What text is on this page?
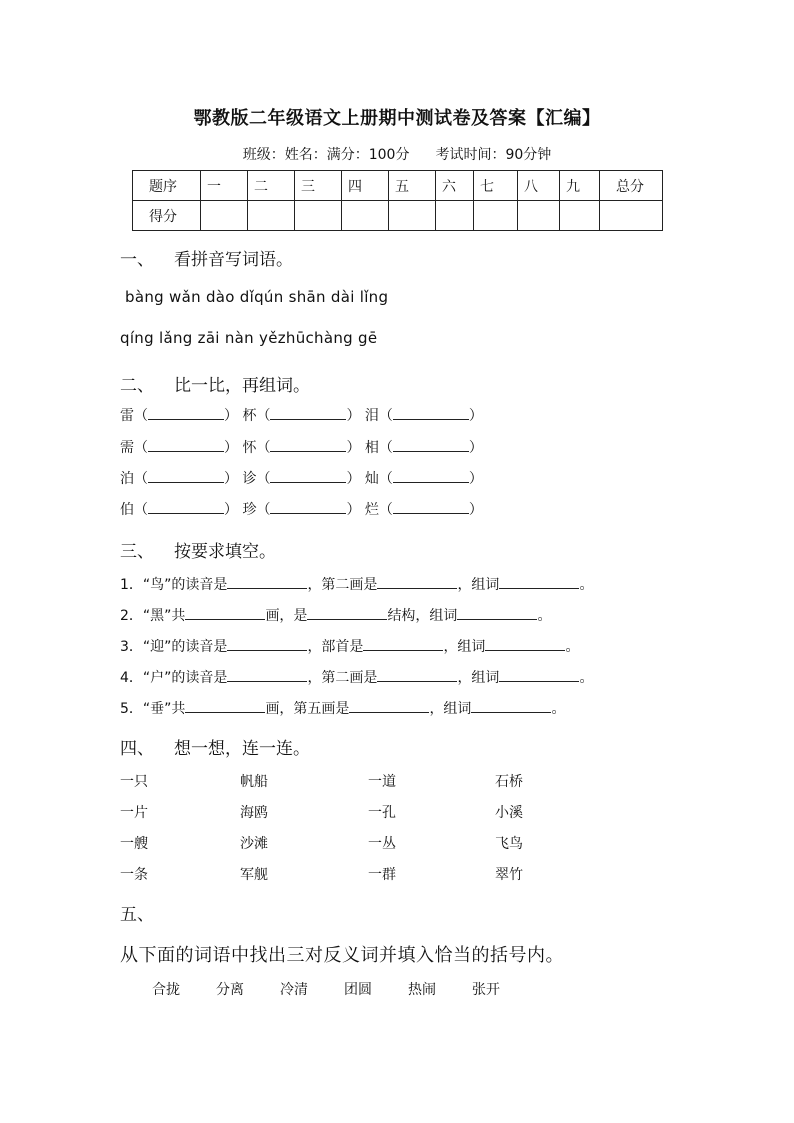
鄂教版二年级语文上册期中测试卷及答案【汇编】
班级：姓名：满分：100分 考试时间：90分钟
题序	一	二	三	四	五	六	七	八	九	总分
得分										
一、 看拼音写词语。
bàng wǎn dào dǐqún shān dài lǐng
qíng lǎng zāi nàn yězhūchàng gē
二、 比一比，再组词。
雷（	） 杯（	） 泪（	）
需（	） 怀（	） 相（	）
泊（	） 诊（	） 灿（	）
伯（	） 珍（	） 烂（	）
三、 按要求填空。
1．“鸟”的读音是	，第二画是	，组词	。
2．“黑”共	画，是	结构，组词	。
3．“迎”的读音是	，部首是	，组词	。
4．“户”的读音是	，第二画是	，组词	。
5．“垂”共	画，第五画是	，组词	。
四、 想一想，连一连。
一只	帆船	一道	石桥
一片	海鸥	一孔	小溪
一艘	沙滩	一丛	飞鸟
一条	军舰	一群	翠竹
五、
从下面的词语中找出三对反义词并填入恰当的括号内。
合拢	分离	冷清	团圆	热闹	张开
